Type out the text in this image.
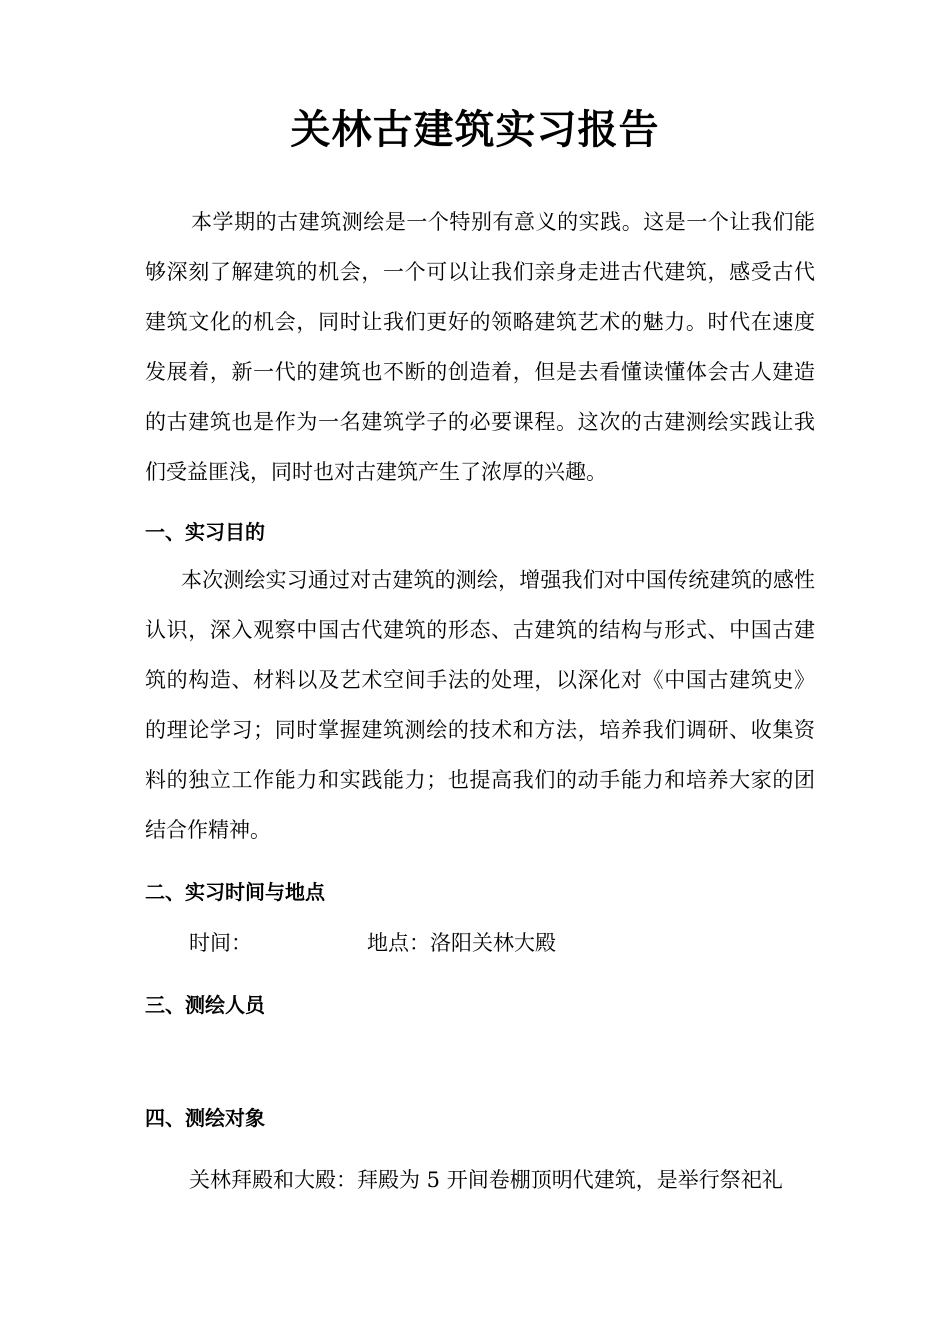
关林古建筑实习报告

本学期的古建筑测绘是一个特别有意义的实践。这是一个让我们能够深刻了解建筑的机会，一个可以让我们亲身走进古代建筑，感受古代建筑文化的机会，同时让我们更好的领略建筑艺术的魅力。时代在速度发展着，新一代的建筑也不断的创造着，但是去看懂读懂体会古人建造的古建筑也是作为一名建筑学子的必要课程。这次的古建测绘实践让我们受益匪浅，同时也对古建筑产生了浓厚的兴趣。

一、实习目的

本次测绘实习通过对古建筑的测绘，增强我们对中国传统建筑的感性认识，深入观察中国古代建筑的形态、古建筑的结构与形式、中国古建筑的构造、材料以及艺术空间手法的处理，以深化对《中国古建筑史》的理论学习；同时掌握建筑测绘的技术和方法，培养我们调研、收集资料的独立工作能力和实践能力；也提高我们的动手能力和培养大家的团结合作精神。

二、实习时间与地点
时间：	地点：洛阳关林大殿
三、测绘人员
四、测绘对象
关林拜殿和大殿：拜殿为 5 开间卷棚顶明代建筑，是举行祭祀礼
